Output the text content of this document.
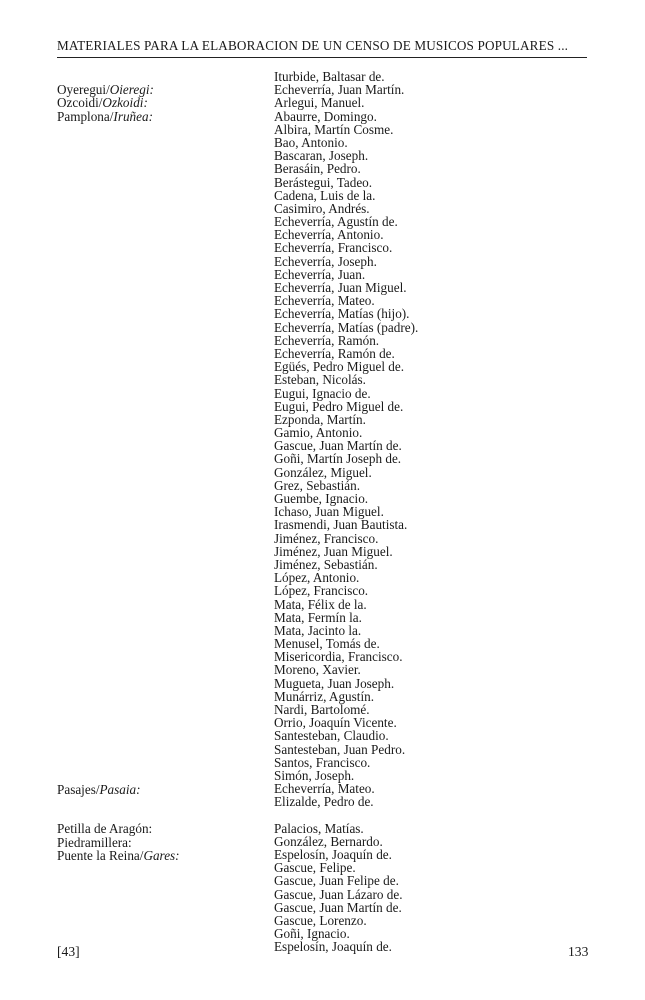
MATERIALES PARA LA ELABORACION DE UN CENSO DE MUSICOS POPULARES ...
Oyeregui/Oieregi:
Ozcoidi/Ozkoidi:
Pamplona/Iruñea:
Pasajes/Pasaia:
Petilla de Aragón:
Piedramillera:
Puente la Reina/Gares:
Iturbide, Baltasar de.
Echeverría, Juan Martín.
Arlegui, Manuel.
Abaurre, Domingo.
Albira, Martín Cosme.
Bao, Antonio.
Bascaran, Joseph.
Berasáin, Pedro.
Berástegui, Tadeo.
Cadena, Luis de la.
Casimiro, Andrés.
Echeverría, Agustín de.
Echeverría, Antonio.
Echeverría, Francisco.
Echeverría, Joseph.
Echeverría, Juan.
Echeverría, Juan Miguel.
Echeverría, Mateo.
Echeverría, Matías (hijo).
Echeverría, Matías (padre).
Echeverría, Ramón.
Echeverría, Ramón de.
Egüés, Pedro Miguel de.
Esteban, Nicolás.
Eugui, Ignacio de.
Eugui, Pedro Miguel de.
Ezponda, Martín.
Gamio, Antonio.
Gascue, Juan Martín de.
Goñi, Martín Joseph de.
González, Miguel.
Grez, Sebastián.
Guembe, Ignacio.
Ichaso, Juan Miguel.
Irasmendi, Juan Bautista.
Jiménez, Francisco.
Jiménez, Juan Miguel.
Jiménez, Sebastián.
López, Antonio.
López, Francisco.
Mata, Félix de la.
Mata, Fermín la.
Mata, Jacinto la.
Menusel, Tomás de.
Misericordia, Francisco.
Moreno, Xavier.
Mugueta, Juan Joseph.
Munárriz, Agustín.
Nardi, Bartolomé.
Orrio, Joaquín Vicente.
Santesteban, Claudio.
Santesteban, Juan Pedro.
Santos, Francisco.
Simón, Joseph.
Echeverría, Mateo.
Elizalde, Pedro de.
Palacios, Matías.
González, Bernardo.
Espelosín, Joaquín de.
Gascue, Felipe.
Gascue, Juan Felipe de.
Gascue, Juan Lázaro de.
Gascue, Juan Martín de.
Gascue, Lorenzo.
Goñi, Ignacio.
Espelosín, Joaquín de.
[43]	133
